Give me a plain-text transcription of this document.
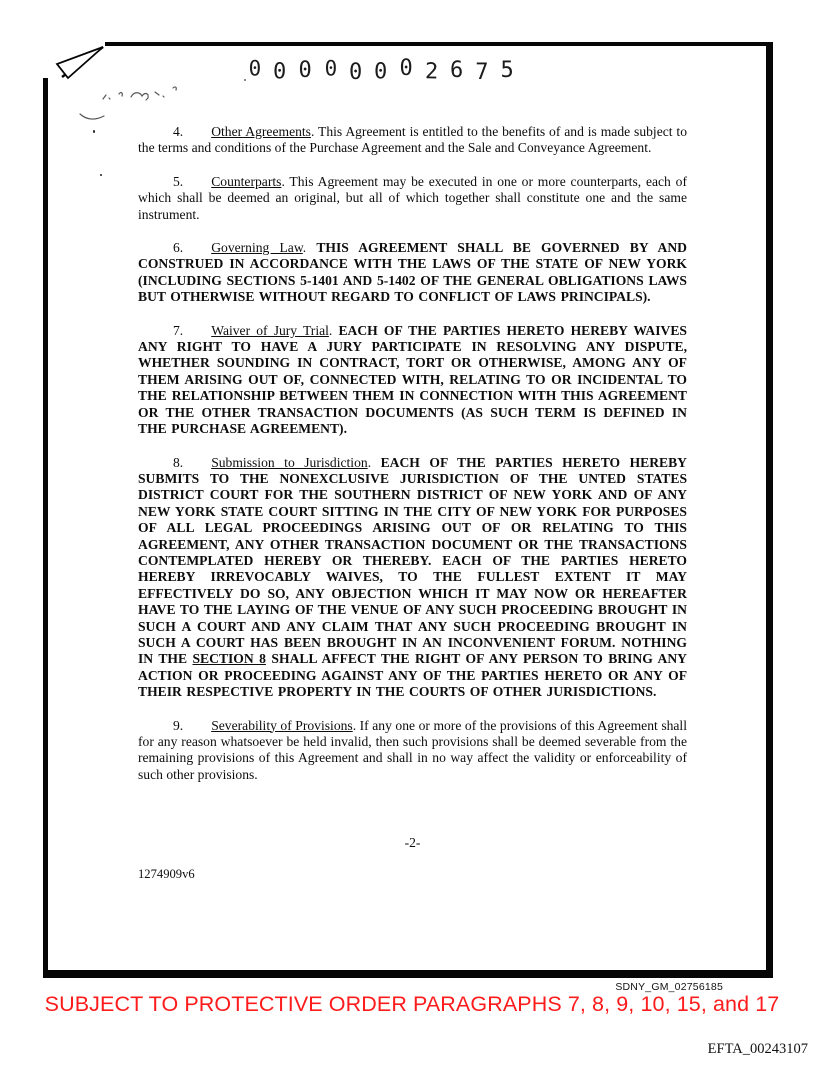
00000002675

4. Other Agreements. This Agreement is entitled to the benefits of and is made subject to the terms and conditions of the Purchase Agreement and the Sale and Conveyance Agreement.

5. Counterparts. This Agreement may be executed in one or more counterparts, each of which shall be deemed an original, but all of which together shall constitute one and the same instrument.

6. Governing Law. THIS AGREEMENT SHALL BE GOVERNED BY AND CONSTRUED IN ACCORDANCE WITH THE LAWS OF THE STATE OF NEW YORK (INCLUDING SECTIONS 5-1401 AND 5-1402 OF THE GENERAL OBLIGATIONS LAWS BUT OTHERWISE WITHOUT REGARD TO CONFLICT OF LAWS PRINCIPALS).

7. Waiver of Jury Trial. EACH OF THE PARTIES HERETO HEREBY WAIVES ANY RIGHT TO HAVE A JURY PARTICIPATE IN RESOLVING ANY DISPUTE, WHETHER SOUNDING IN CONTRACT, TORT OR OTHERWISE, AMONG ANY OF THEM ARISING OUT OF, CONNECTED WITH, RELATING TO OR INCIDENTAL TO THE RELATIONSHIP BETWEEN THEM IN CONNECTION WITH THIS AGREEMENT OR THE OTHER TRANSACTION DOCUMENTS (AS SUCH TERM IS DEFINED IN THE PURCHASE AGREEMENT).

8. Submission to Jurisdiction. EACH OF THE PARTIES HERETO HEREBY SUBMITS TO THE NONEXCLUSIVE JURISDICTION OF THE UNTED STATES DISTRICT COURT FOR THE SOUTHERN DISTRICT OF NEW YORK AND OF ANY NEW YORK STATE COURT SITTING IN THE CITY OF NEW YORK FOR PURPOSES OF ALL LEGAL PROCEEDINGS ARISING OUT OF OR RELATING TO THIS AGREEMENT, ANY OTHER TRANSACTION DOCUMENT OR THE TRANSACTIONS CONTEMPLATED HEREBY OR THEREBY. EACH OF THE PARTIES HERETO HEREBY IRREVOCABLY WAIVES, TO THE FULLEST EXTENT IT MAY EFFECTIVELY DO SO, ANY OBJECTION WHICH IT MAY NOW OR HEREAFTER HAVE TO THE LAYING OF THE VENUE OF ANY SUCH PROCEEDING BROUGHT IN SUCH A COURT AND ANY CLAIM THAT ANY SUCH PROCEEDING BROUGHT IN SUCH A COURT HAS BEEN BROUGHT IN AN INCONVENIENT FORUM. NOTHING IN THE SECTION 8 SHALL AFFECT THE RIGHT OF ANY PERSON TO BRING ANY ACTION OR PROCEEDING AGAINST ANY OF THE PARTIES HERETO OR ANY OF THEIR RESPECTIVE PROPERTY IN THE COURTS OF OTHER JURISDICTIONS.

9. Severability of Provisions. If any one or more of the provisions of this Agreement shall for any reason whatsoever be held invalid, then such provisions shall be deemed severable from the remaining provisions of this Agreement and shall in no way affect the validity or enforceability of such other provisions.

-2-
1274909v6
SDNY_GM_02756185
SUBJECT TO PROTECTIVE ORDER PARAGRAPHS 7, 8, 9, 10, 15, and 17
EFTA_00243107
